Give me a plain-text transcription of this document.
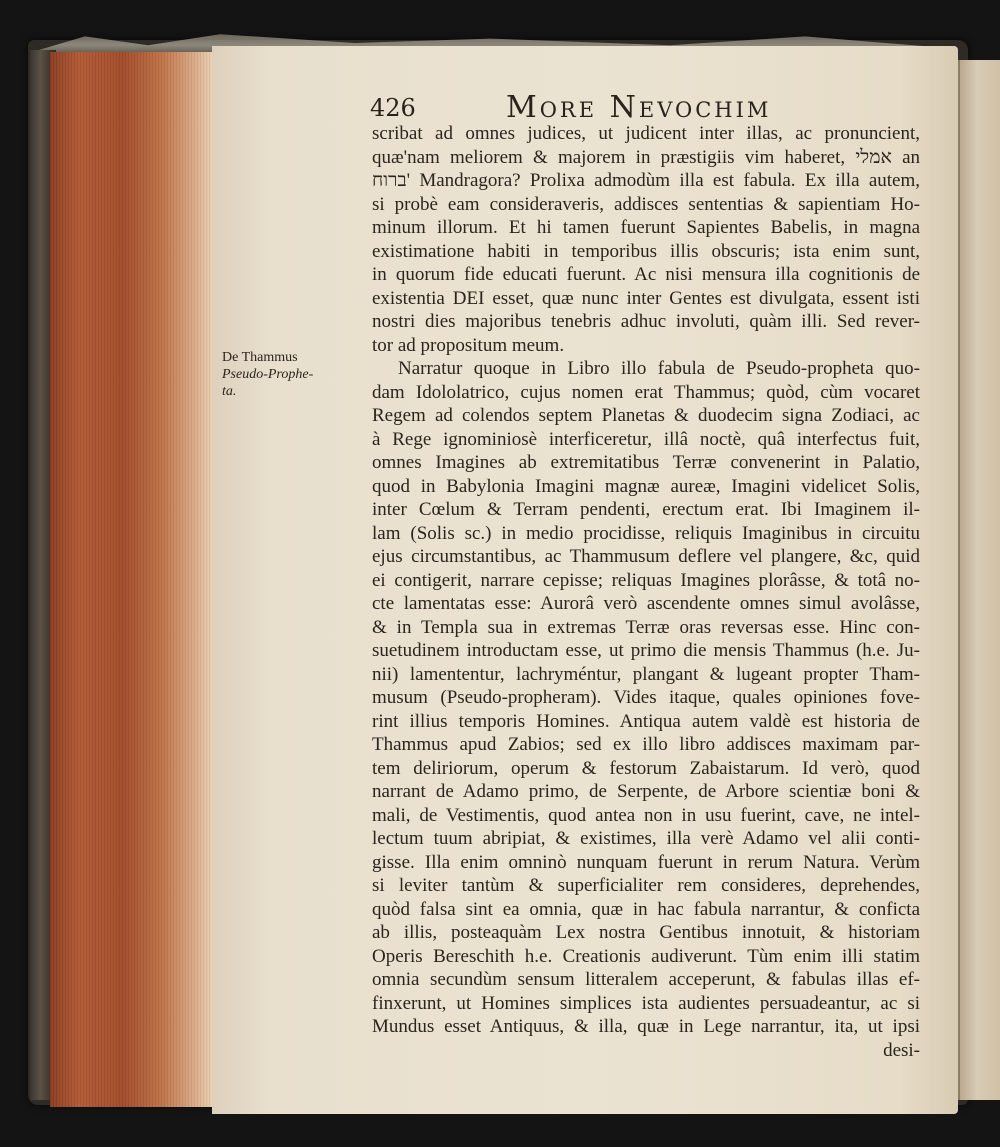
426	More Nevochim
De Thammus
Pseudo-Prophe-
ta.
scribat ad omnes judices, ut judicent inter illas, ac pronuncient,
quæ'nam meliorem & majorem in præstigiis vim haberet, אמלי an
ברוח' Mandragora? Prolixa admodùm illa est fabula. Ex illa autem,
si probè eam consideraveris, addisces sententias & sapientiam Ho-
minum illorum. Et hi tamen fuerunt Sapientes Babelis, in magna
existimatione habiti in temporibus illis obscuris; ista enim sunt,
in quorum fide educati fuerunt. Ac nisi mensura illa cognitionis de
existentia DEI esset, quæ nunc inter Gentes est divulgata, essent isti
nostri dies majoribus tenebris adhuc involuti, quàm illi. Sed rever-
tor ad propositum meum.
Narratur quoque in Libro illo fabula de Pseudo-propheta quo-
dam Idololatrico, cujus nomen erat Thammus; quòd, cùm vocaret
Regem ad colendos septem Planetas & duodecim signa Zodiaci, ac
à Rege ignominiosè interficeretur, illâ noctè, quâ interfectus fuit,
omnes Imagines ab extremitatibus Terræ convenerint in Palatio,
quod in Babylonia Imagini magnæ aureæ, Imagini videlicet Solis,
inter Cœlum & Terram pendenti, erectum erat. Ibi Imaginem il-
lam (Solis sc.) in medio procidisse, reliquis Imaginibus in circuitu
ejus circumstantibus, ac Thammusum deflere vel plangere, &c, quid
ei contigerit, narrare cepisse; reliquas Imagines plorâsse, & totâ no-
cte lamentatas esse: Aurorâ verò ascendente omnes simul avolâsse,
& in Templa sua in extremas Terræ oras reversas esse. Hinc con-
suetudinem introductam esse, ut primo die mensis Thammus (h.e. Ju-
nii) lamententur, lachryméntur, plangant & lugeant propter Tham-
musum (Pseudo-propheram). Vides itaque, quales opiniones fove-
rint illius temporis Homines. Antiqua autem valdè est historia de
Thammus apud Zabios; sed ex illo libro addisces maximam par-
tem deliriorum, operum & festorum Zabaistarum. Id verò, quod
narrant de Adamo primo, de Serpente, de Arbore scientiæ boni &
mali, de Vestimentis, quod antea non in usu fuerint, cave, ne intel-
lectum tuum abripiat, & existimes, illa verè Adamo vel alii conti-
gisse. Illa enim omninò nunquam fuerunt in rerum Natura. Verùm
si leviter tantùm & superficialiter rem consideres, deprehendes,
quòd falsa sint ea omnia, quæ in hac fabula narrantur, & conficta
ab illis, posteaquàm Lex nostra Gentibus innotuit, & historiam
Operis Bereschith h.e. Creationis audiverunt. Tùm enim illi statim
omnia secundùm sensum litteralem acceperunt, & fabulas illas ef-
finxerunt, ut Homines simplices ista audientes persuadeantur, ac si
Mundus esset Antiquus, & illa, quæ in Lege narrantur, ita, ut ipsi
desi-
